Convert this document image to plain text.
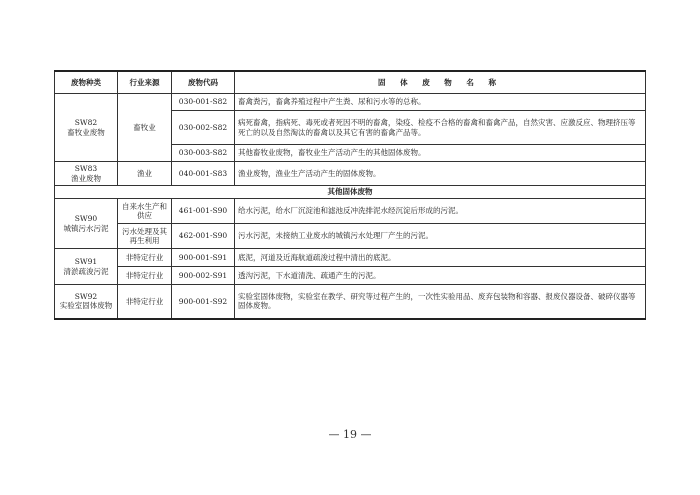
废物种类	行业来源	废物代码	固 体 废 物 名 称
SW82
畜牧业废物	畜牧业	030-001-S82	畜禽粪污，畜禽养殖过程中产生粪、尿和污水等的总称。
		030-002-S82	病死畜禽，指病死、毒死或者死因不明的畜禽，染疫、检疫不合格的畜禽和畜禽产品，自然灾害、应激反应、物理挤压等死亡的以及自然淘汰的畜禽以及其它有害的畜禽产品等。
		030-003-S82	其他畜牧业废物，畜牧业生产活动产生的其他固体废物。
SW83
渔业废物	渔业	040-001-S83	渔业废物，渔业生产活动产生的固体废物。
其他固体废物			
SW90
城镇污水污泥	自来水生产和供应	461-001-S90	给水污泥，给水厂沉淀池和滤池反冲洗排泥水经沉淀后形成的污泥。
	污水处理及其再生利用	462-001-S90	污水污泥，未接纳工业废水的城镇污水处理厂产生的污泥。
SW91
清淤疏浚污泥	非特定行业	900-001-S91	底泥，河道及近海航道疏浚过程中清出的底泥。
	非特定行业	900-002-S91	透沟污泥，下水道清洗、疏通产生的污泥。
SW92
实验室固体废物	非特定行业	900-001-S92	实验室固体废物，实验室在教学、研究等过程产生的，一次性实验用品、废弃包装物和容器、报废仪器设备、破碎仪器等固体废物。
— 19 —
